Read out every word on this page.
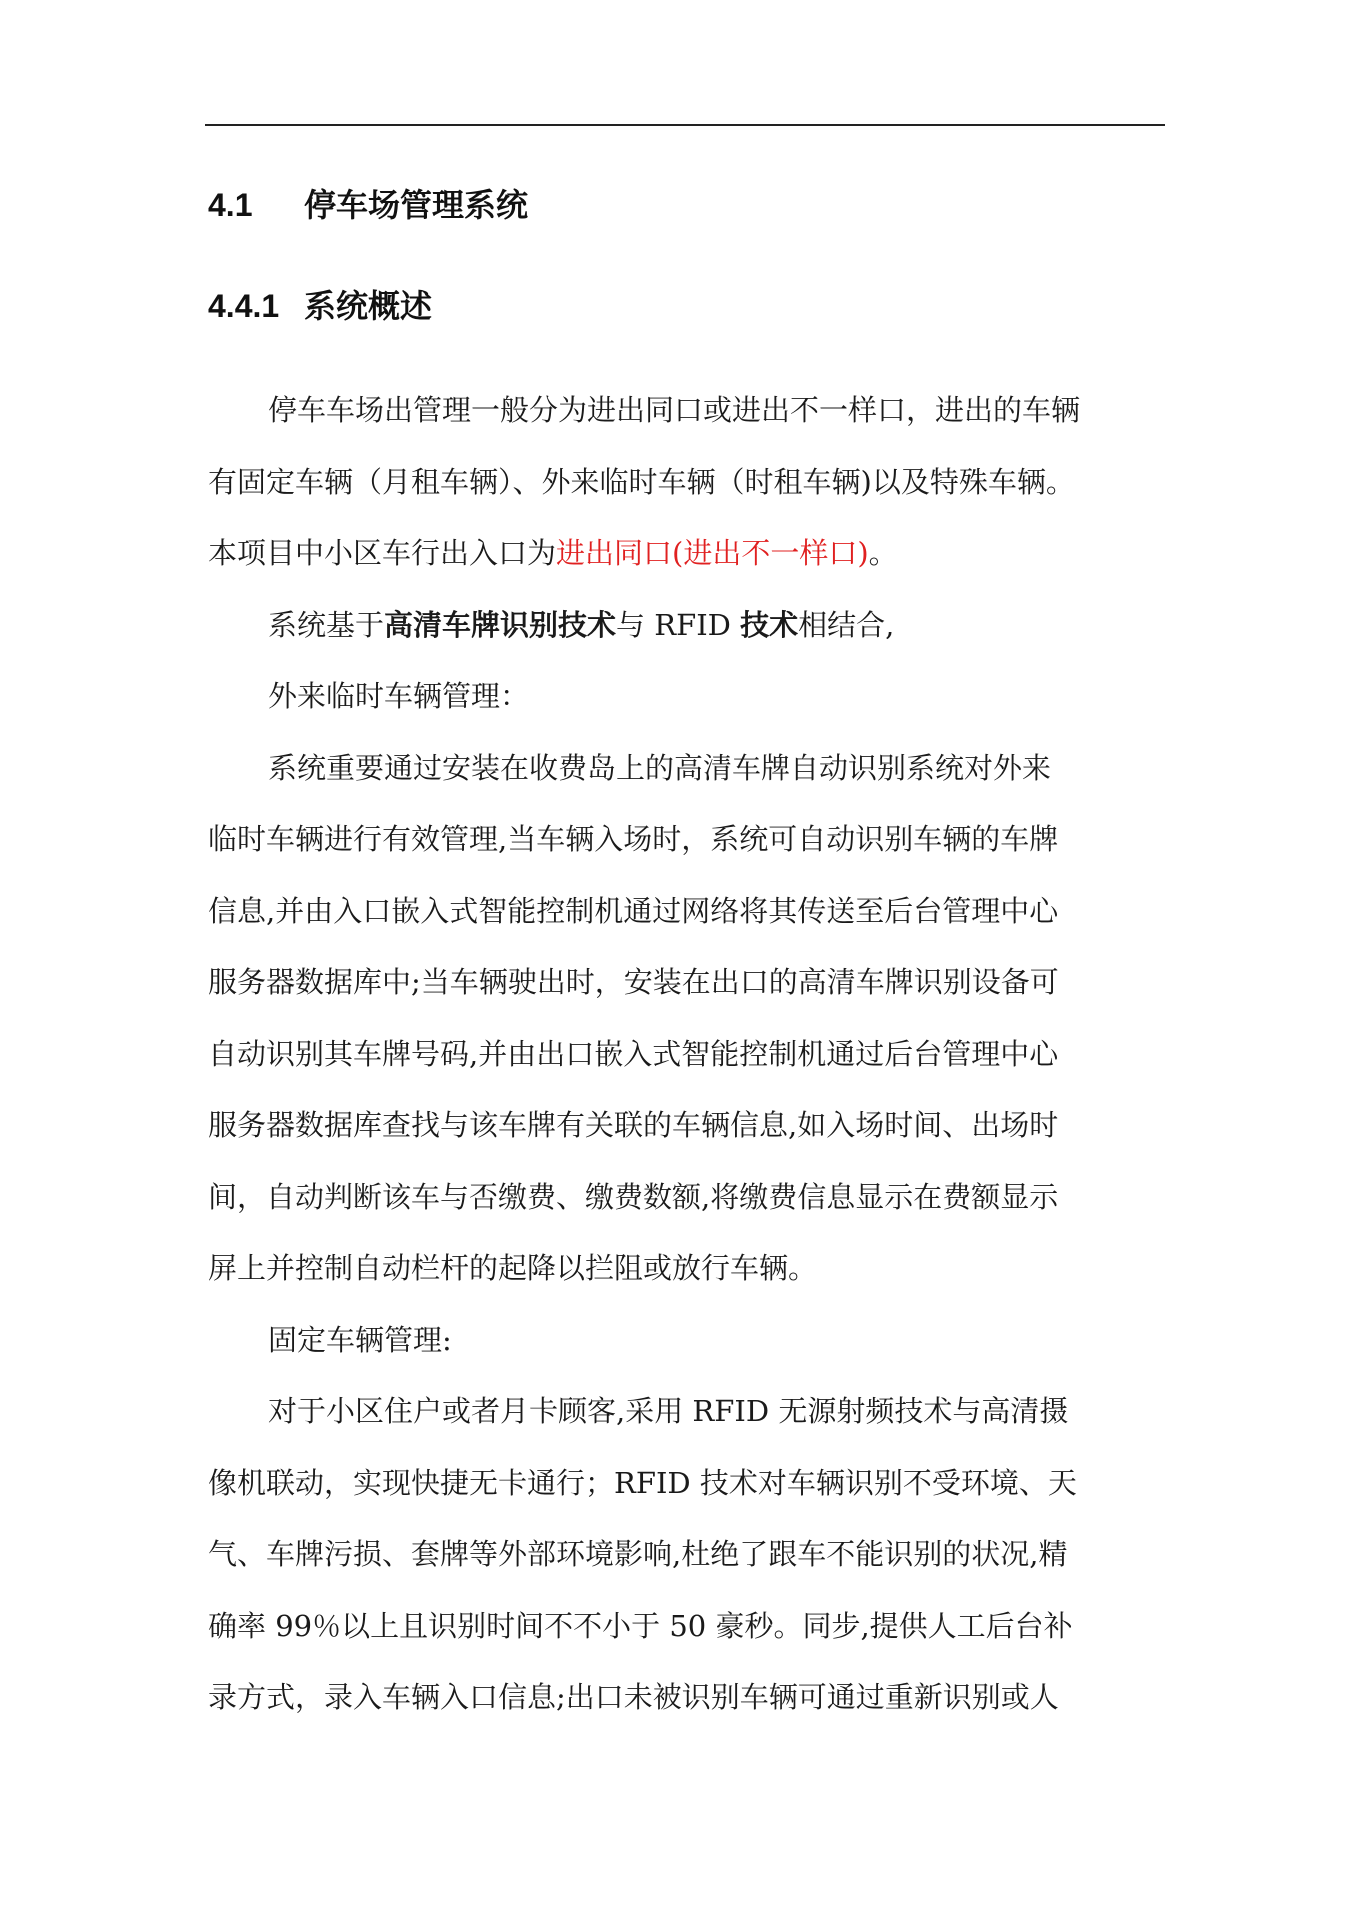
4.1 停车场管理系统
4.4.1 系统概述
停车车场出管理一般分为进出同口或进出不一样口，进出的车辆
有固定车辆（月租车辆）、外来临时车辆（时租车辆)以及特殊车辆。
本项目中小区车行出入口为进出同口(进出不一样口)。
系统基于高清车牌识别技术与 RFID 技术相结合,
外来临时车辆管理：
系统重要通过安装在收费岛上的高清车牌自动识别系统对外来
临时车辆进行有效管理,当车辆入场时，系统可自动识别车辆的车牌
信息,并由入口嵌入式智能控制机通过网络将其传送至后台管理中心
服务器数据库中;当车辆驶出时，安装在出口的高清车牌识别设备可
自动识别其车牌号码,并由出口嵌入式智能控制机通过后台管理中心
服务器数据库查找与该车牌有关联的车辆信息,如入场时间、出场时
间，自动判断该车与否缴费、缴费数额,将缴费信息显示在费额显示
屏上并控制自动栏杆的起降以拦阻或放行车辆。
固定车辆管理:
对于小区住户或者月卡顾客,采用 RFID 无源射频技术与高清摄
像机联动，实现快捷无卡通行；RFID 技术对车辆识别不受环境、天
气、车牌污损、套牌等外部环境影响,杜绝了跟车不能识别的状况,精
确率 99％以上且识别时间不不小于 50 豪秒。同步,提供人工后台补
录方式，录入车辆入口信息;出口未被识别车辆可通过重新识别或人
